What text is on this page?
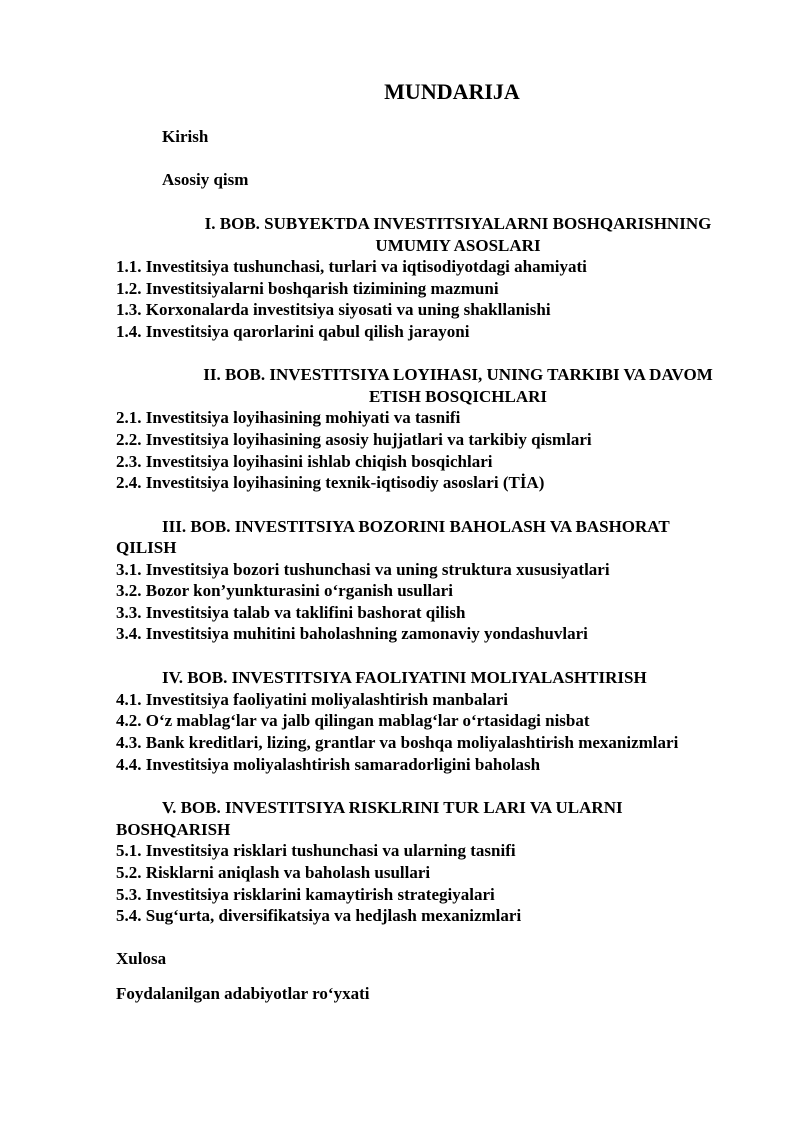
MUNDARIJA
Kirish
Asosiy qism
I. BOB. SUBYEKTDA INVESTITSIYALARNI BOSHQARISHNING
UMUMIY ASOSLARI
1.1. Investitsiya tushunchasi, turlari va iqtisodiyotdagi ahamiyati
1.2. Investitsiyalarni boshqarish tizimining mazmuni
1.3. Korxonalarda investitsiya siyosati va uning shakllanishi
1.4. Investitsiya qarorlarini qabul qilish jarayoni
II. BOB. INVESTITSIYA LOYIHASI, UNING TARKIBI VA DAVOM
ETISH BOSQICHLARI
2.1. Investitsiya loyihasining mohiyati va tasnifi
2.2. Investitsiya loyihasining asosiy hujjatlari va tarkibiy qismlari
2.3. Investitsiya loyihasini ishlab chiqish bosqichlari
2.4. Investitsiya loyihasining texnik-iqtisodiy asoslari (TİA)
III. BOB. INVESTITSIYA BOZORINI BAHOLASH VA BASHORAT
QILISH
3.1. Investitsiya bozori tushunchasi va uning struktura xususiyatlari
3.2. Bozor kon’yunkturasini o‘rganish usullari
3.3. Investitsiya talab va taklifini bashorat qilish
3.4. Investitsiya muhitini baholashning zamonaviy yondashuvlari
IV. BOB. INVESTITSIYA FAOLIYATINI MOLIYALASHTIRISH
4.1. Investitsiya faoliyatini moliyalashtirish manbalari
4.2. O‘z mablag‘lar va jalb qilingan mablag‘lar o‘rtasidagi nisbat
4.3. Bank kreditlari, lizing, grantlar va boshqa moliyalashtirish mexanizmlari
4.4. Investitsiya moliyalashtirish samaradorligini baholash
V. BOB. INVESTITSIYA RISKLRINI TUR LARI VA ULARNI
BOSHQARISH
5.1. Investitsiya risklari tushunchasi va ularning tasnifi
5.2. Risklarni aniqlash va baholash usullari
5.3. Investitsiya risklarini kamaytirish strategiyalari
5.4. Sug‘urta, diversifikatsiya va hedjlash mexanizmlari
Xulosa
Foydalanilgan adabiyotlar ro‘yxati
